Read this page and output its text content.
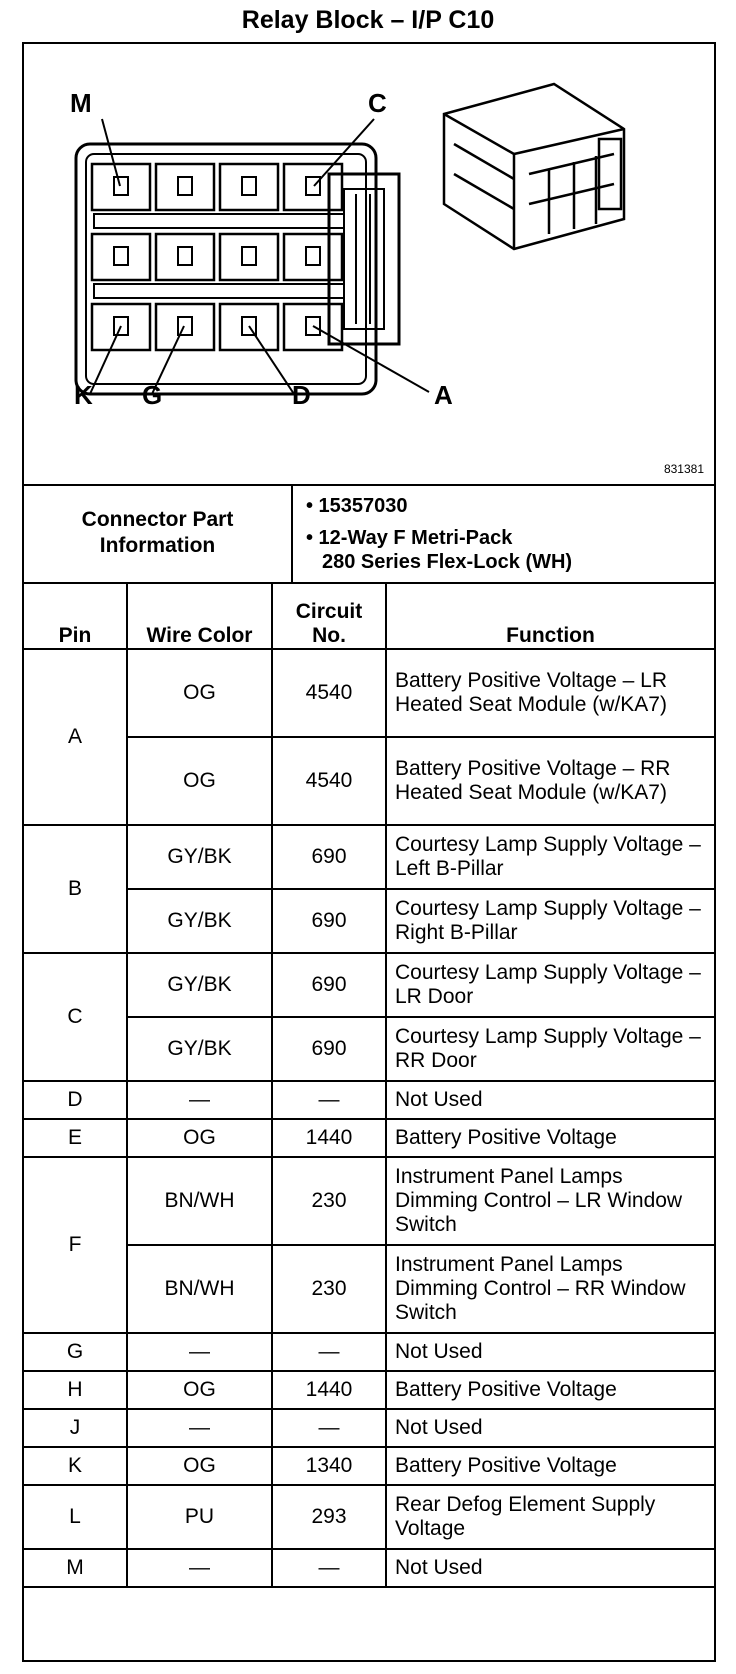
Relay Block – I/P C10
M	C
K G	D	A
831381
Connector Part Information
• 15357030
• 12-Way F Metri-Pack
280 Series Flex-Lock (WH)
Pin	Wire Color	Circuit No.	Function
A	OG	4540	Battery Positive Voltage – LR Heated Seat Module (w/KA7)
	OG	4540	Battery Positive Voltage – RR Heated Seat Module (w/KA7)
B	GY/BK	690	Courtesy Lamp Supply Voltage – Left B-Pillar
	GY/BK	690	Courtesy Lamp Supply Voltage – Right B-Pillar
C	GY/BK	690	Courtesy Lamp Supply Voltage – LR Door
	GY/BK	690	Courtesy Lamp Supply Voltage – RR Door
D	—	—	Not Used
E	OG	1440	Battery Positive Voltage
F	BN/WH	230	Instrument Panel Lamps Dimming Control – LR Window Switch
	BN/WH	230	Instrument Panel Lamps Dimming Control – RR Window Switch
G	—	—	Not Used
H	OG	1440	Battery Positive Voltage
J	—	—	Not Used
K	OG	1340	Battery Positive Voltage
L	PU	293	Rear Defog Element Supply Voltage
M	—	—	Not Used
